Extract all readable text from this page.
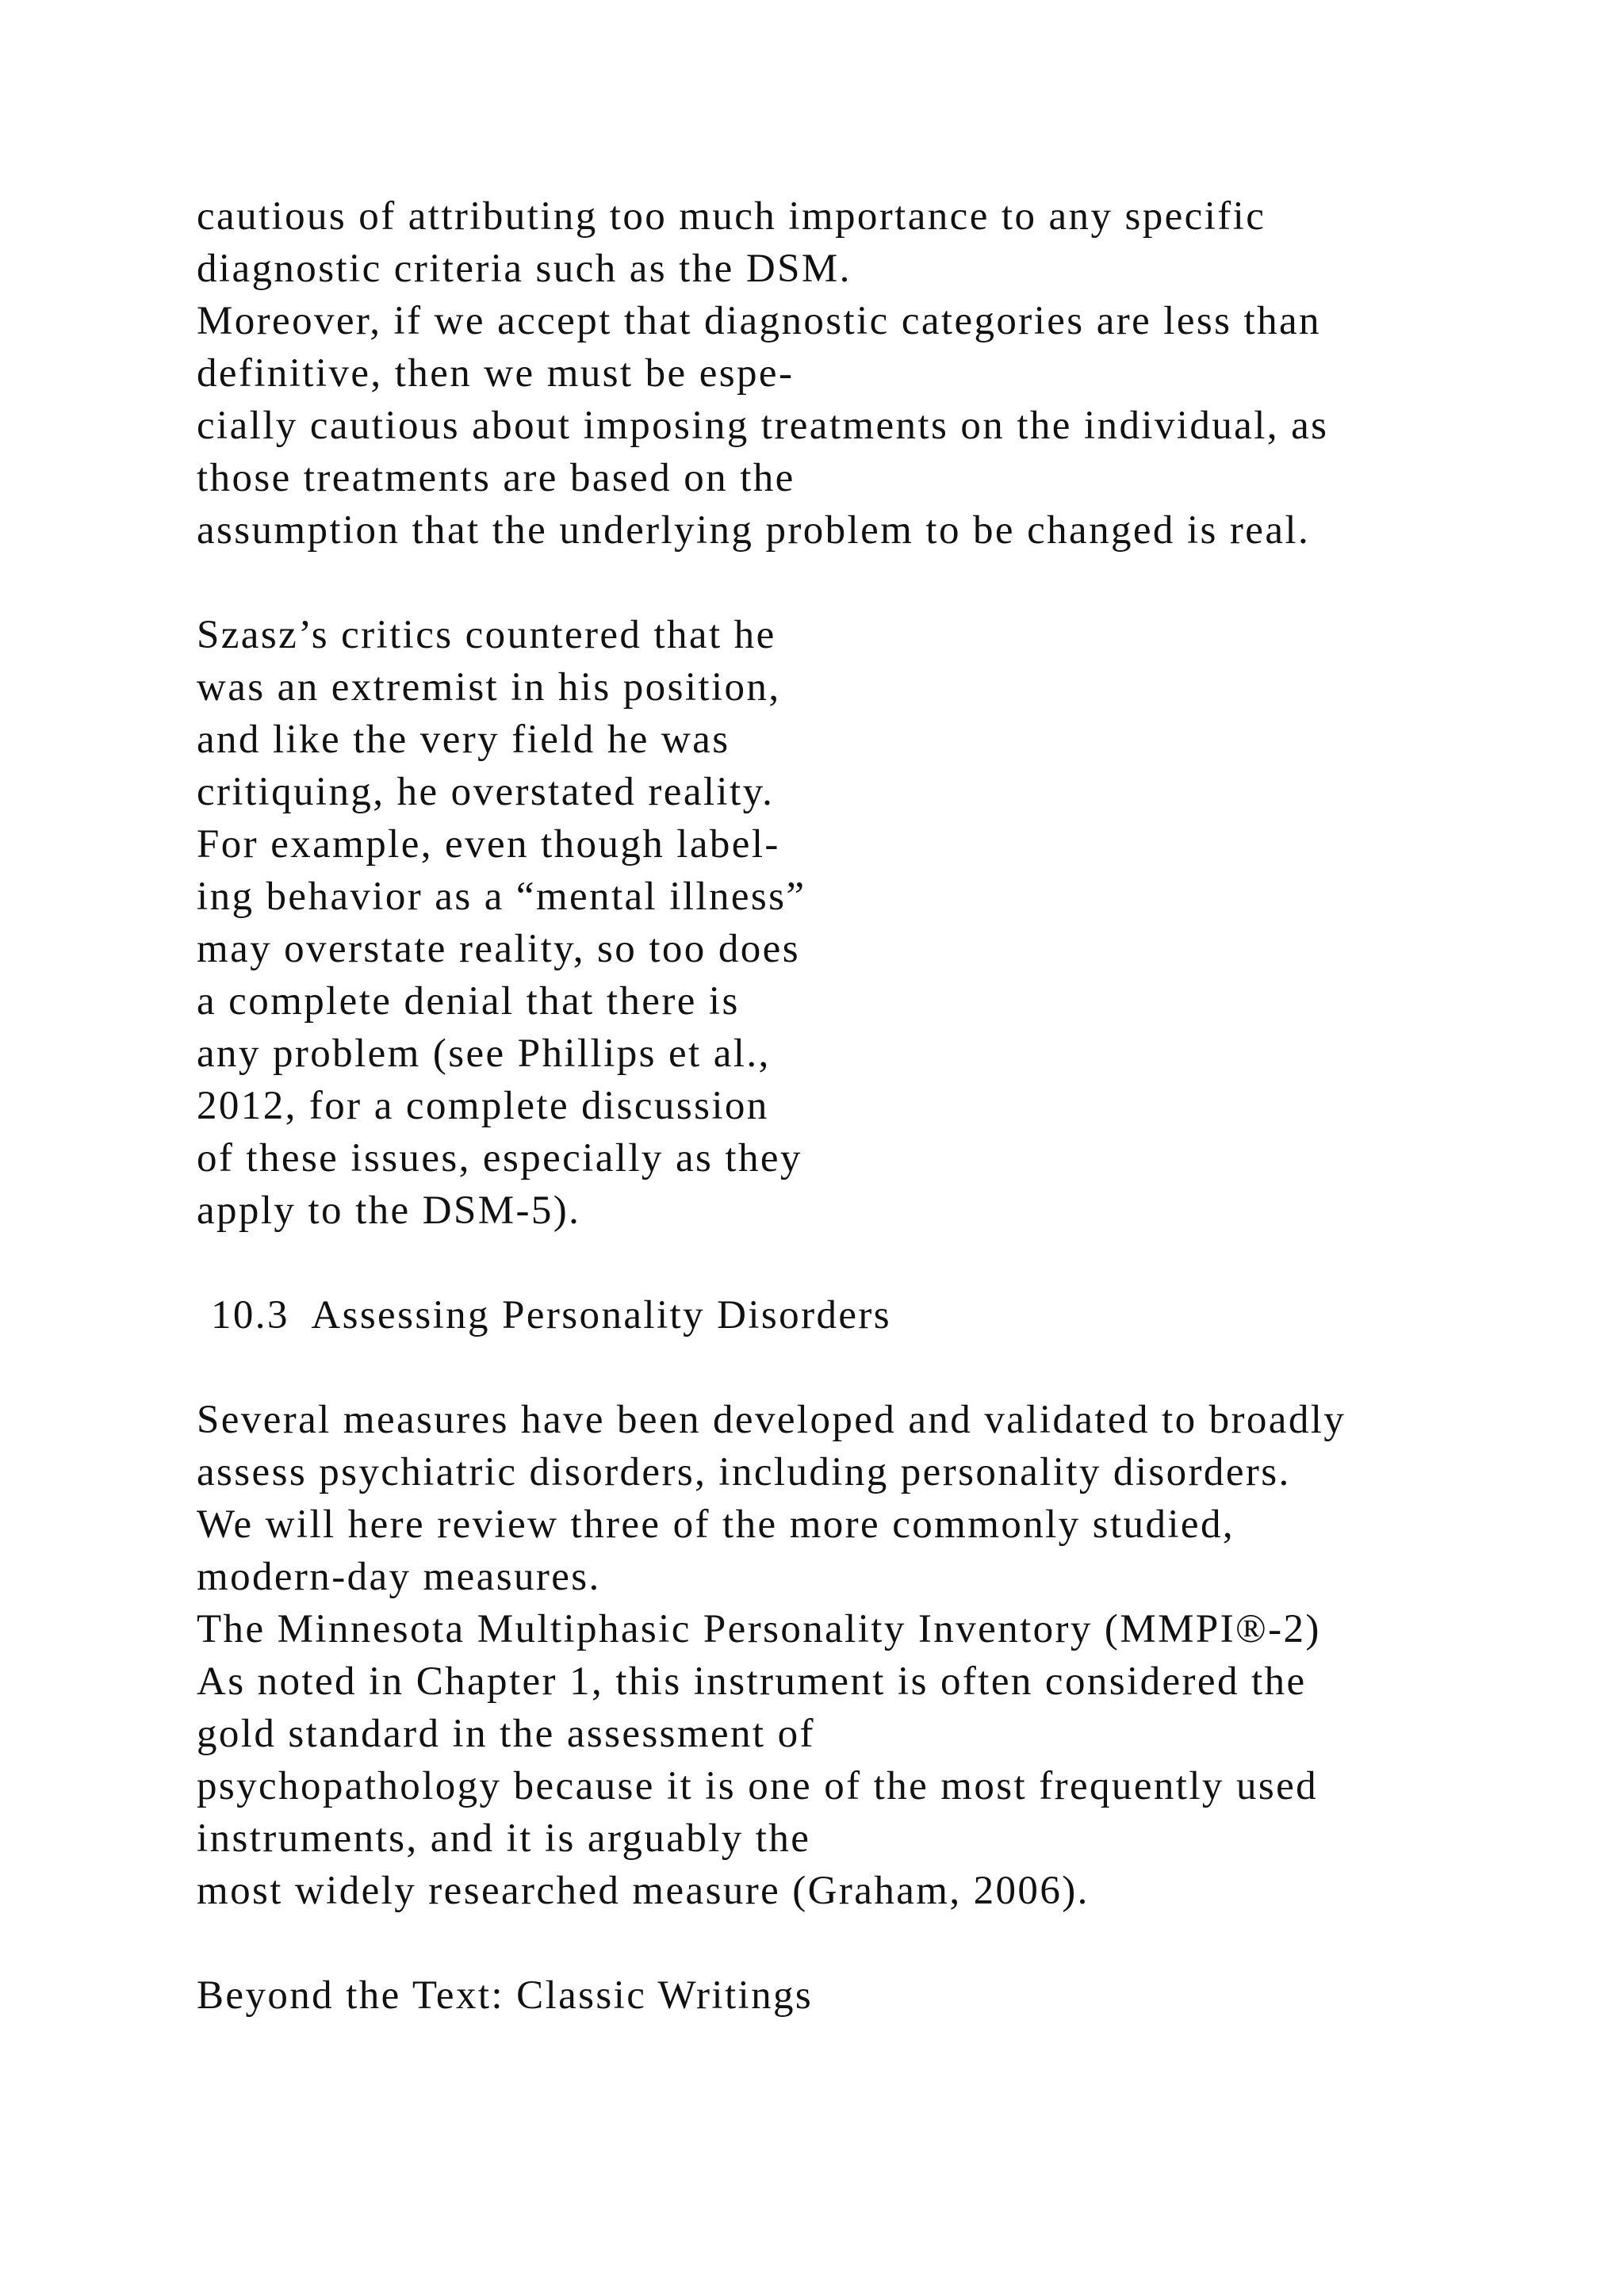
cautious of attributing too much importance to any specific
diagnostic criteria such as the DSM.
Moreover, if we accept that diagnostic categories are less than
definitive, then we must be espe-
cially cautious about imposing treatments on the individual, as
those treatments are based on the
assumption that the underlying problem to be changed is real.
Szasz’s critics countered that he
was an extremist in his position,
and like the very field he was
critiquing, he overstated reality.
For example, even though label-
ing behavior as a “mental illness”
may overstate reality, so too does
a complete denial that there is
any problem (see Phillips et al.,
2012, for a complete discussion
of these issues, especially as they
apply to the DSM-5).
10.3  Assessing Personality Disorders
Several measures have been developed and validated to broadly
assess psychiatric disorders, including personality disorders.
We will here review three of the more commonly studied,
modern-day measures.
The Minnesota Multiphasic Personality Inventory (MMPI®-2)
As noted in Chapter 1, this instrument is often considered the
gold standard in the assessment of
psychopathology because it is one of the most frequently used
instruments, and it is arguably the
most widely researched measure (Graham, 2006).
Beyond the Text: Classic Writings
